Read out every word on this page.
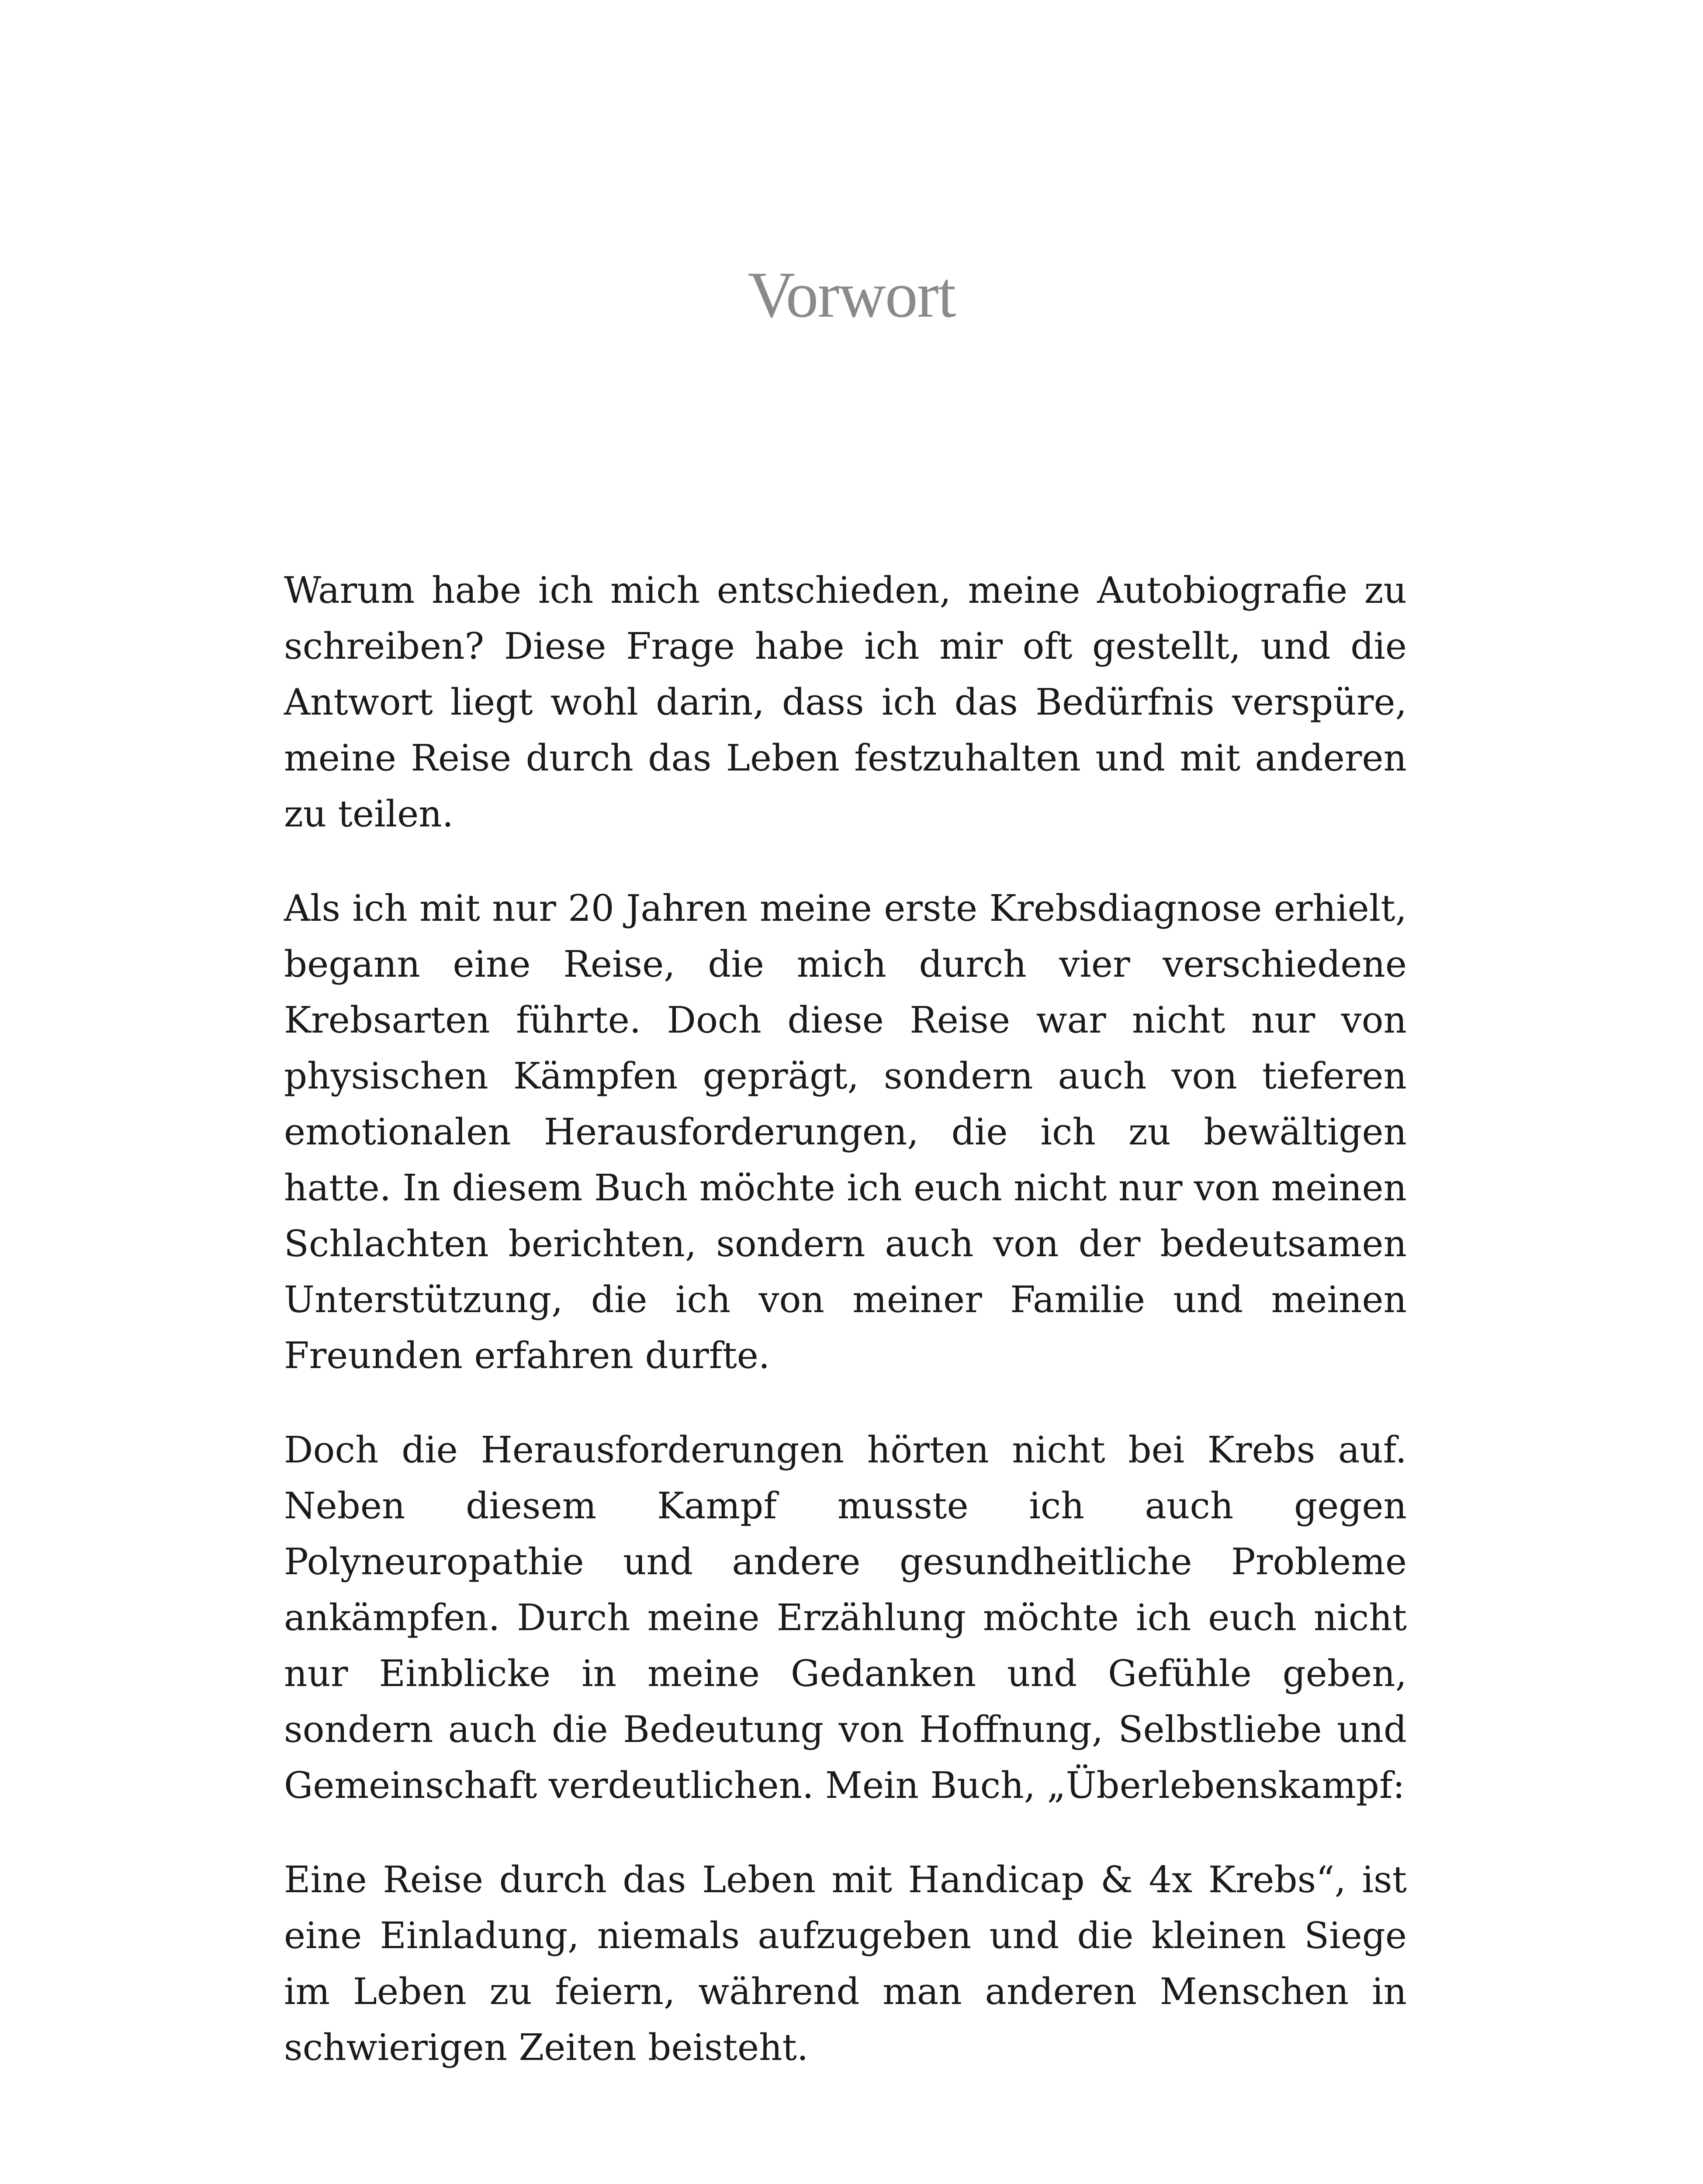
Vorwort

Warum habe ich mich entschieden, meine Autobiografie zu schreiben? Diese Frage habe ich mir oft gestellt, und die Antwort liegt wohl darin, dass ich das Bedürfnis verspüre, meine Reise durch das Leben festzuhalten und mit anderen zu teilen.

Als ich mit nur 20 Jahren meine erste Krebsdiagnose erhielt, begann eine Reise, die mich durch vier verschiedene Krebsarten führte. Doch diese Reise war nicht nur von physischen Kämpfen geprägt, sondern auch von tieferen emotionalen Herausforderungen, die ich zu bewältigen hatte. In diesem Buch möchte ich euch nicht nur von meinen Schlachten berichten, sondern auch von der bedeutsamen Unterstützung, die ich von meiner Familie und meinen Freunden erfahren durfte.

Doch die Herausforderungen hörten nicht bei Krebs auf. Neben diesem Kampf musste ich auch gegen Polyneuropathie und andere gesundheitliche Probleme ankämpfen. Durch meine Erzählung möchte ich euch nicht nur Einblicke in meine Gedanken und Gefühle geben, sondern auch die Bedeutung von Hoffnung, Selbstliebe und Gemeinschaft verdeutlichen. Mein Buch, „Überlebenskampf:

Eine Reise durch das Leben mit Handicap & 4x Krebs“, ist eine Einladung, niemals aufzugeben und die kleinen Siege im Leben zu feiern, während man anderen Menschen in schwierigen Zeiten beisteht.
